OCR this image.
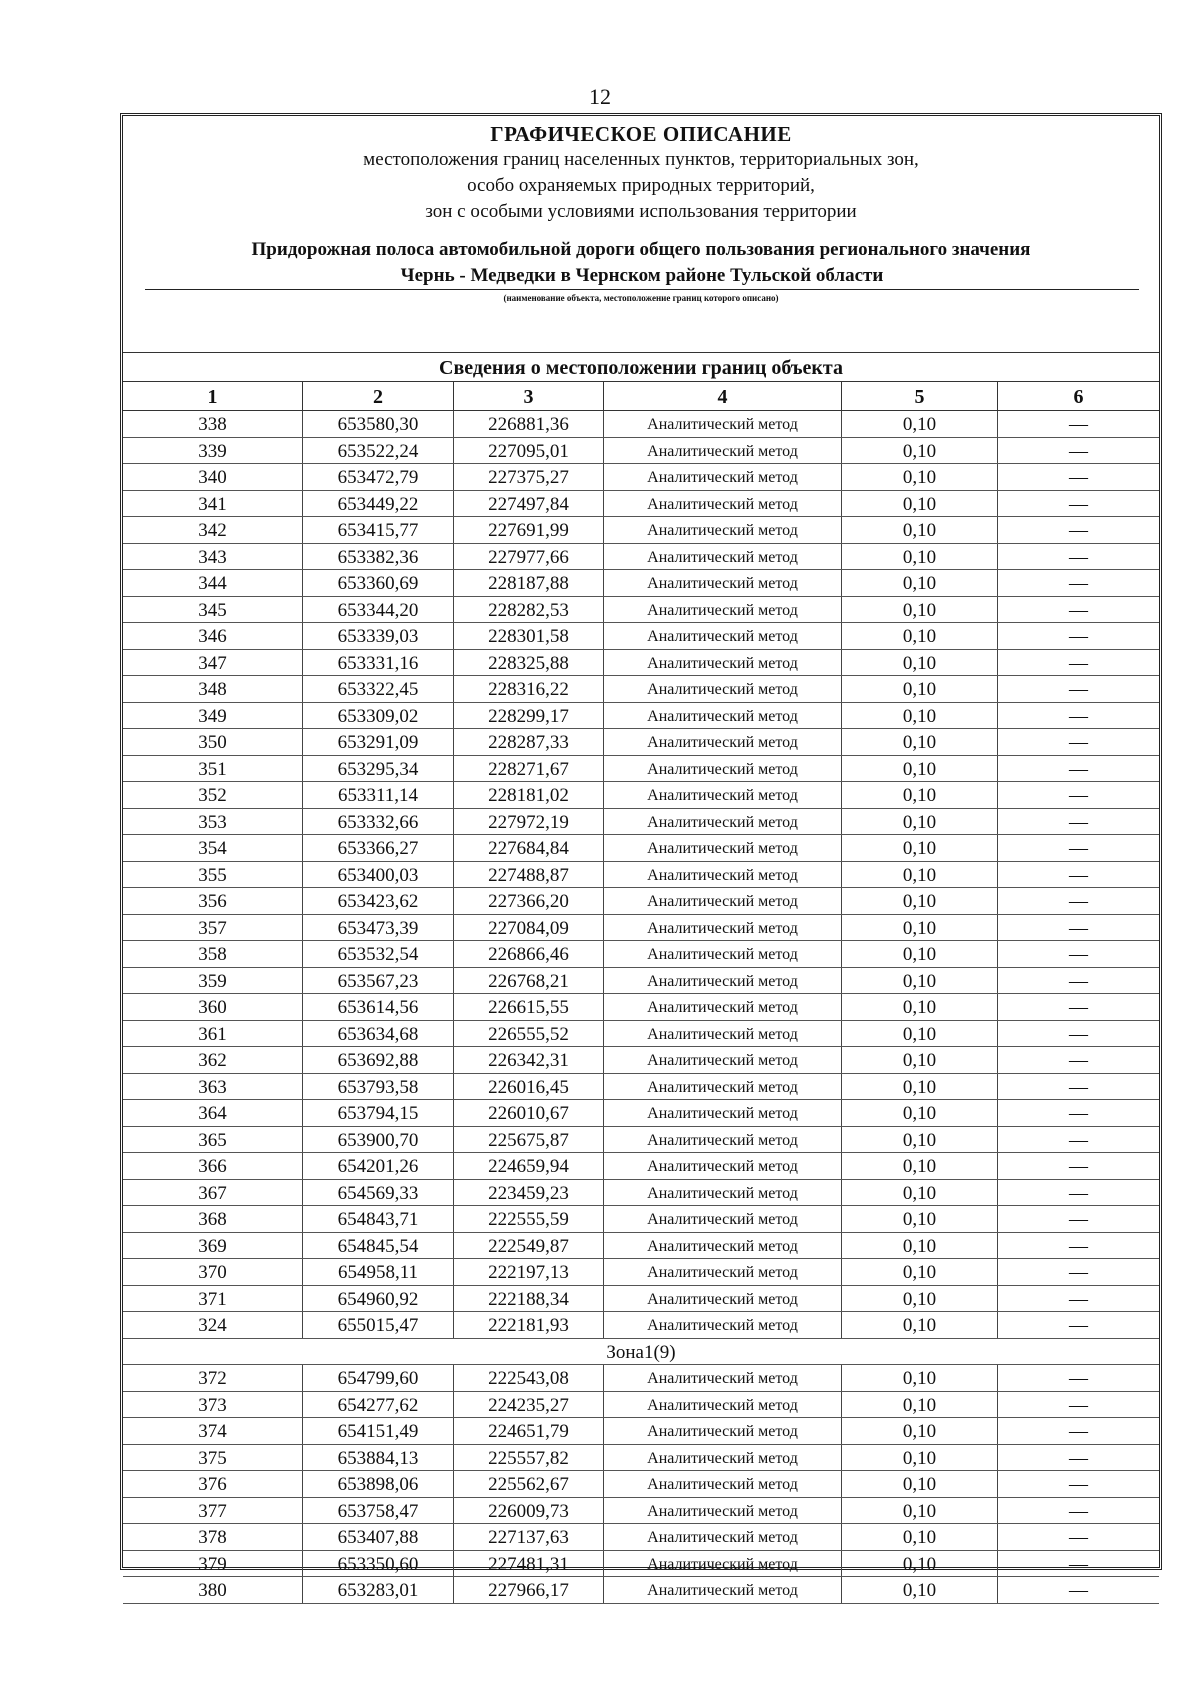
12
ГРАФИЧЕСКОЕ ОПИСАНИЕ
местоположения границ населенных пунктов, территориальных зон,
особо охраняемых природных территорий,
зон с особыми условиями использования территории
Придорожная полоса автомобильной дороги общего пользования регионального значения
Чернь - Медведки в Чернском районе Тульской области
(наименование объекта, местоположение границ которого описано)
Сведения о местоположении границ объекта
1	2	3	4	5	6
338	653580,30	226881,36	Аналитический метод	0,10	—
339	653522,24	227095,01	Аналитический метод	0,10	—
340	653472,79	227375,27	Аналитический метод	0,10	—
341	653449,22	227497,84	Аналитический метод	0,10	—
342	653415,77	227691,99	Аналитический метод	0,10	—
343	653382,36	227977,66	Аналитический метод	0,10	—
344	653360,69	228187,88	Аналитический метод	0,10	—
345	653344,20	228282,53	Аналитический метод	0,10	—
346	653339,03	228301,58	Аналитический метод	0,10	—
347	653331,16	228325,88	Аналитический метод	0,10	—
348	653322,45	228316,22	Аналитический метод	0,10	—
349	653309,02	228299,17	Аналитический метод	0,10	—
350	653291,09	228287,33	Аналитический метод	0,10	—
351	653295,34	228271,67	Аналитический метод	0,10	—
352	653311,14	228181,02	Аналитический метод	0,10	—
353	653332,66	227972,19	Аналитический метод	0,10	—
354	653366,27	227684,84	Аналитический метод	0,10	—
355	653400,03	227488,87	Аналитический метод	0,10	—
356	653423,62	227366,20	Аналитический метод	0,10	—
357	653473,39	227084,09	Аналитический метод	0,10	—
358	653532,54	226866,46	Аналитический метод	0,10	—
359	653567,23	226768,21	Аналитический метод	0,10	—
360	653614,56	226615,55	Аналитический метод	0,10	—
361	653634,68	226555,52	Аналитический метод	0,10	—
362	653692,88	226342,31	Аналитический метод	0,10	—
363	653793,58	226016,45	Аналитический метод	0,10	—
364	653794,15	226010,67	Аналитический метод	0,10	—
365	653900,70	225675,87	Аналитический метод	0,10	—
366	654201,26	224659,94	Аналитический метод	0,10	—
367	654569,33	223459,23	Аналитический метод	0,10	—
368	654843,71	222555,59	Аналитический метод	0,10	—
369	654845,54	222549,87	Аналитический метод	0,10	—
370	654958,11	222197,13	Аналитический метод	0,10	—
371	654960,92	222188,34	Аналитический метод	0,10	—
324	655015,47	222181,93	Аналитический метод	0,10	—
Зона1(9)
372	654799,60	222543,08	Аналитический метод	0,10	—
373	654277,62	224235,27	Аналитический метод	0,10	—
374	654151,49	224651,79	Аналитический метод	0,10	—
375	653884,13	225557,82	Аналитический метод	0,10	—
376	653898,06	225562,67	Аналитический метод	0,10	—
377	653758,47	226009,73	Аналитический метод	0,10	—
378	653407,88	227137,63	Аналитический метод	0,10	—
379	653350,60	227481,31	Аналитический метод	0,10	—
380	653283,01	227966,17	Аналитический метод	0,10	—
